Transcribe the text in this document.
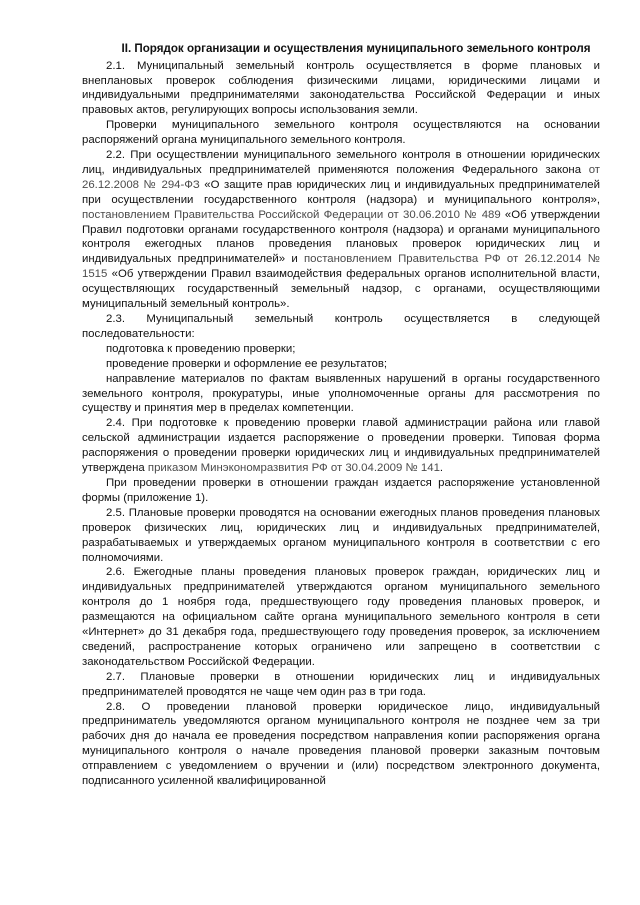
II. Порядок организации и осуществления муниципального земельного контроля

2.1. Муниципальный земельный контроль осуществляется в форме плановых и внеплановых проверок соблюдения физическими лицами, юридическими лицами и индивидуальными предпринимателями законодательства Российской Федерации и иных правовых актов, регулирующих вопросы использования земли.

Проверки муниципального земельного контроля осуществляются на основании распоряжений органа муниципального земельного контроля.

2.2. При осуществлении муниципального земельного контроля в отношении юридических лиц, индивидуальных предпринимателей применяются положения Федерального закона от 26.12.2008 № 294-ФЗ «О защите прав юридических лиц и индивидуальных предпринимателей при осуществлении государственного контроля (надзора) и муниципального контроля», постановлением Правительства Российской Федерации от 30.06.2010 № 489 «Об утверждении Правил подготовки органами государственного контроля (надзора) и органами муниципального контроля ежегодных планов проведения плановых проверок юридических лиц и индивидуальных предпринимателей» и постановлением Правительства РФ от 26.12.2014 № 1515 «Об утверждении Правил взаимодействия федеральных органов исполнительной власти, осуществляющих государственный земельный надзор, с органами, осуществляющими муниципальный земельный контроль».

2.3. Муниципальный земельный контроль осуществляется в следующей последовательности:

подготовка к проведению проверки;

проведение проверки и оформление ее результатов;

направление материалов по фактам выявленных нарушений в органы государственного земельного контроля, прокуратуры, иные уполномоченные органы для рассмотрения по существу и принятия мер в пределах компетенции.

2.4. При подготовке к проведению проверки главой администрации района или главой сельской администрации издается распоряжение о проведении проверки. Типовая форма распоряжения о проведении проверки юридических лиц и индивидуальных предпринимателей утверждена приказом Минэкономразвития РФ от 30.04.2009 № 141.

При проведении проверки в отношении граждан издается распоряжение установленной формы (приложение 1).

2.5. Плановые проверки проводятся на основании ежегодных планов проведения плановых проверок физических лиц, юридических лиц и индивидуальных предпринимателей, разрабатываемых и утверждаемых органом муниципального контроля в соответствии с его полномочиями.

2.6. Ежегодные планы проведения плановых проверок граждан, юридических лиц и индивидуальных предпринимателей утверждаются органом муниципального земельного контроля до 1 ноября года, предшествующего году проведения плановых проверок, и размещаются на официальном сайте органа муниципального земельного контроля в сети «Интернет» до 31 декабря года, предшествующего году проведения проверок, за исключением сведений, распространение которых ограничено или запрещено в соответствии с законодательством Российской Федерации.

2.7. Плановые проверки в отношении юридических лиц и индивидуальных предпринимателей проводятся не чаще чем один раз в три года.

2.8. О проведении плановой проверки юридическое лицо, индивидуальный предприниматель уведомляются органом муниципального контроля не позднее чем за три рабочих дня до начала ее проведения посредством направления копии распоряжения органа муниципального контроля о начале проведения плановой проверки заказным почтовым отправлением с уведомлением о вручении и (или) посредством электронного документа, подписанного усиленной квалифицированной
